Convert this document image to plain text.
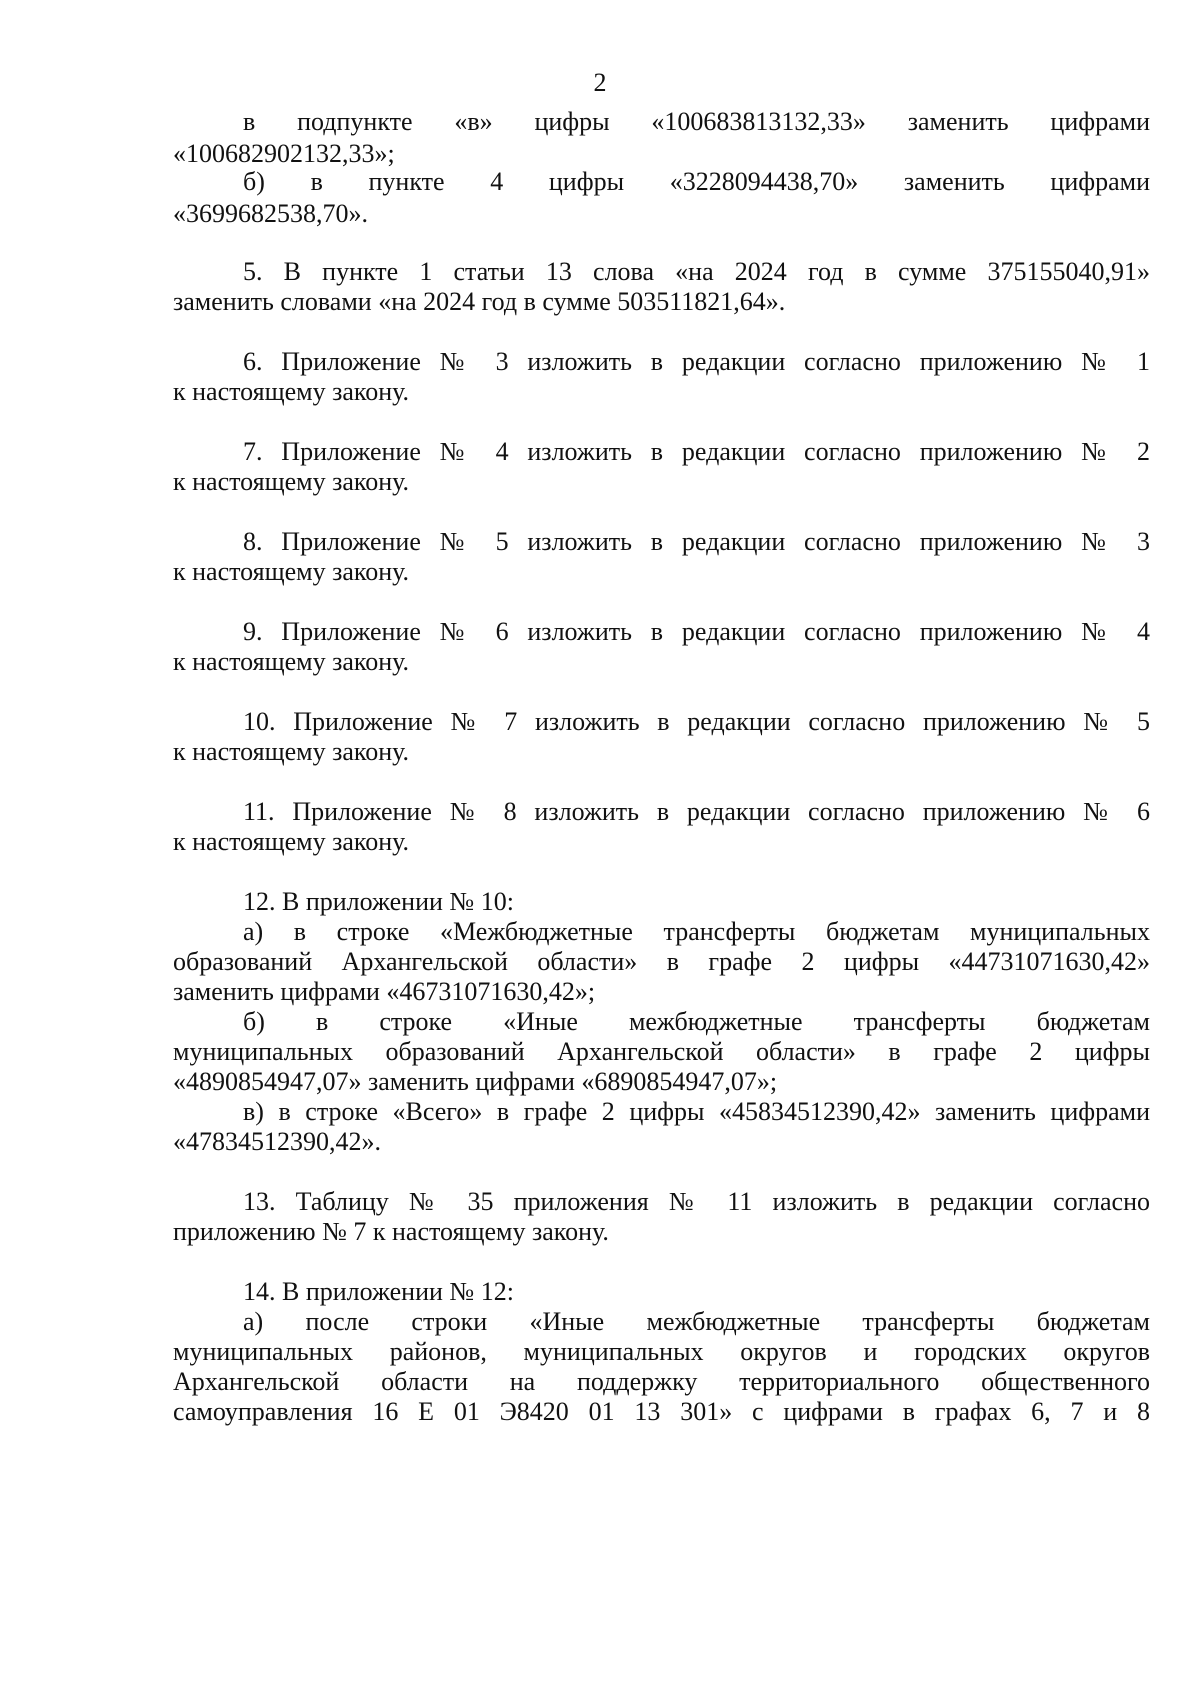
2
в подпункте «в» цифры «100683813132,33» заменить цифрами
«100682902132,33»;
б) в пункте 4 цифры «3228094438,70» заменить цифрами
«3699682538,70».
5. В пункте 1 статьи 13 слова «на 2024 год в сумме 375155040,91»
заменить словами «на 2024 год в сумме 503511821,64».
6. Приложение № 3 изложить в редакции согласно приложению № 1
к настоящему закону.
7. Приложение № 4 изложить в редакции согласно приложению № 2
к настоящему закону.
8. Приложение № 5 изложить в редакции согласно приложению № 3
к настоящему закону.
9. Приложение № 6 изложить в редакции согласно приложению № 4
к настоящему закону.
10. Приложение № 7 изложить в редакции согласно приложению № 5
к настоящему закону.
11. Приложение № 8 изложить в редакции согласно приложению № 6
к настоящему закону.
12. В приложении № 10:
а) в строке «Межбюджетные трансферты бюджетам муниципальных
образований Архангельской области» в графе 2 цифры «44731071630,42»
заменить цифрами «46731071630,42»;
б) в строке «Иные межбюджетные трансферты бюджетам
муниципальных образований Архангельской области» в графе 2 цифры
«4890854947,07» заменить цифрами «6890854947,07»;
в) в строке «Всего» в графе 2 цифры «45834512390,42» заменить цифрами
«47834512390,42».
13. Таблицу № 35 приложения № 11 изложить в редакции согласно
приложению № 7 к настоящему закону.
14. В приложении № 12:
а) после строки «Иные межбюджетные трансферты бюджетам
муниципальных районов, муниципальных округов и городских округов
Архангельской области на поддержку территориального общественного
самоуправления 16 Е 01 Э8420 01 13 301» с цифрами в графах 6, 7 и 8
